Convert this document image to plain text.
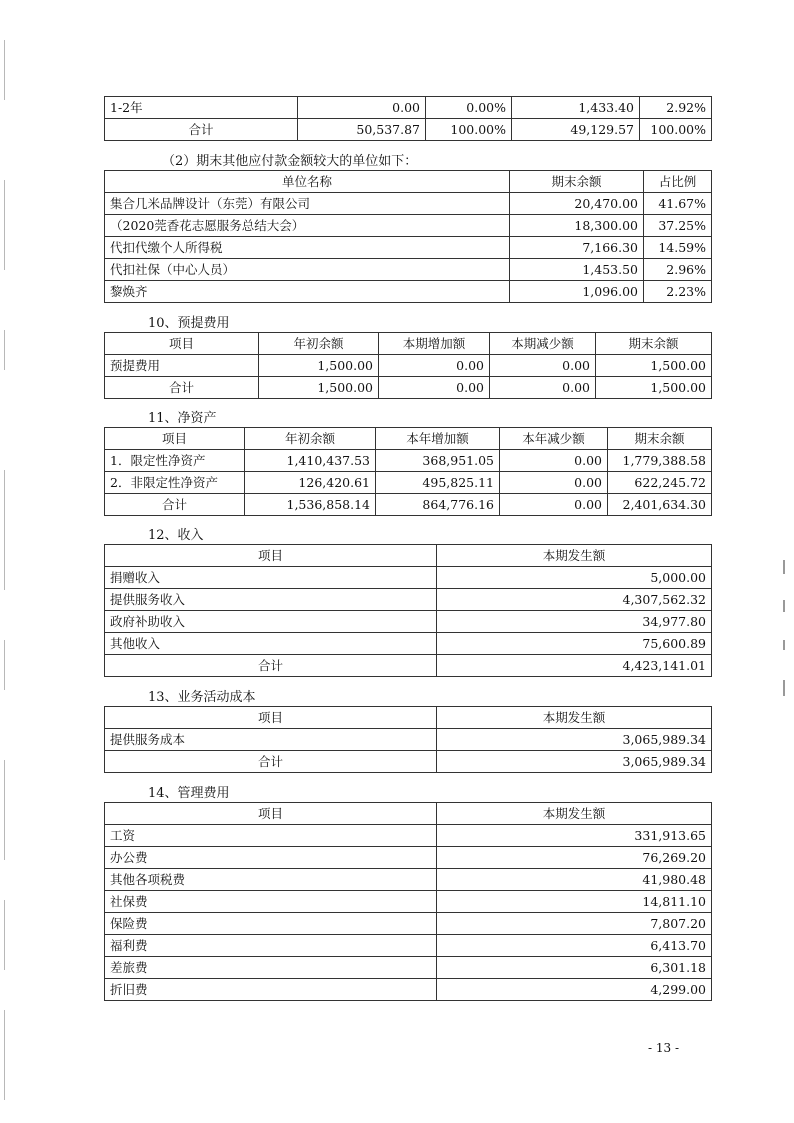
1-2年	0.00	0.00%	1,433.40	2.92%
合计	50,537.87	100.00%	49,129.57	100.00%
（2）期末其他应付款金额较大的单位如下：
单位名称	期末余额	占比例
集合几米品牌设计（东莞）有限公司	20,470.00	41.67%
（2020莞香花志愿服务总结大会）	18,300.00	37.25%
代扣代缴个人所得税	7,166.30	14.59%
代扣社保（中心人员）	1,453.50	2.96%
黎焕齐	1,096.00	2.23%
10、预提费用
项目	年初余额	本期增加额	本期减少额	期末余额
预提费用	1,500.00	0.00	0.00	1,500.00
合计	1,500.00	0.00	0.00	1,500.00
11、净资产
项目	年初余额	本年增加额	本年减少额	期末余额
1．限定性净资产	1,410,437.53	368,951.05	0.00	1,779,388.58
2．非限定性净资产	126,420.61	495,825.11	0.00	622,245.72
合计	1,536,858.14	864,776.16	0.00	2,401,634.30
12、收入
项目	本期发生额
捐赠收入	5,000.00
提供服务收入	4,307,562.32
政府补助收入	34,977.80
其他收入	75,600.89
合计	4,423,141.01
13、业务活动成本
项目	本期发生额
提供服务成本	3,065,989.34
合计	3,065,989.34
14、管理费用
项目	本期发生额
工资	331,913.65
办公费	76,269.20
其他各项税费	41,980.48
社保费	14,811.10
保险费	7,807.20
福利费	6,413.70
差旅费	6,301.18
折旧费	4,299.00
- 13 -
